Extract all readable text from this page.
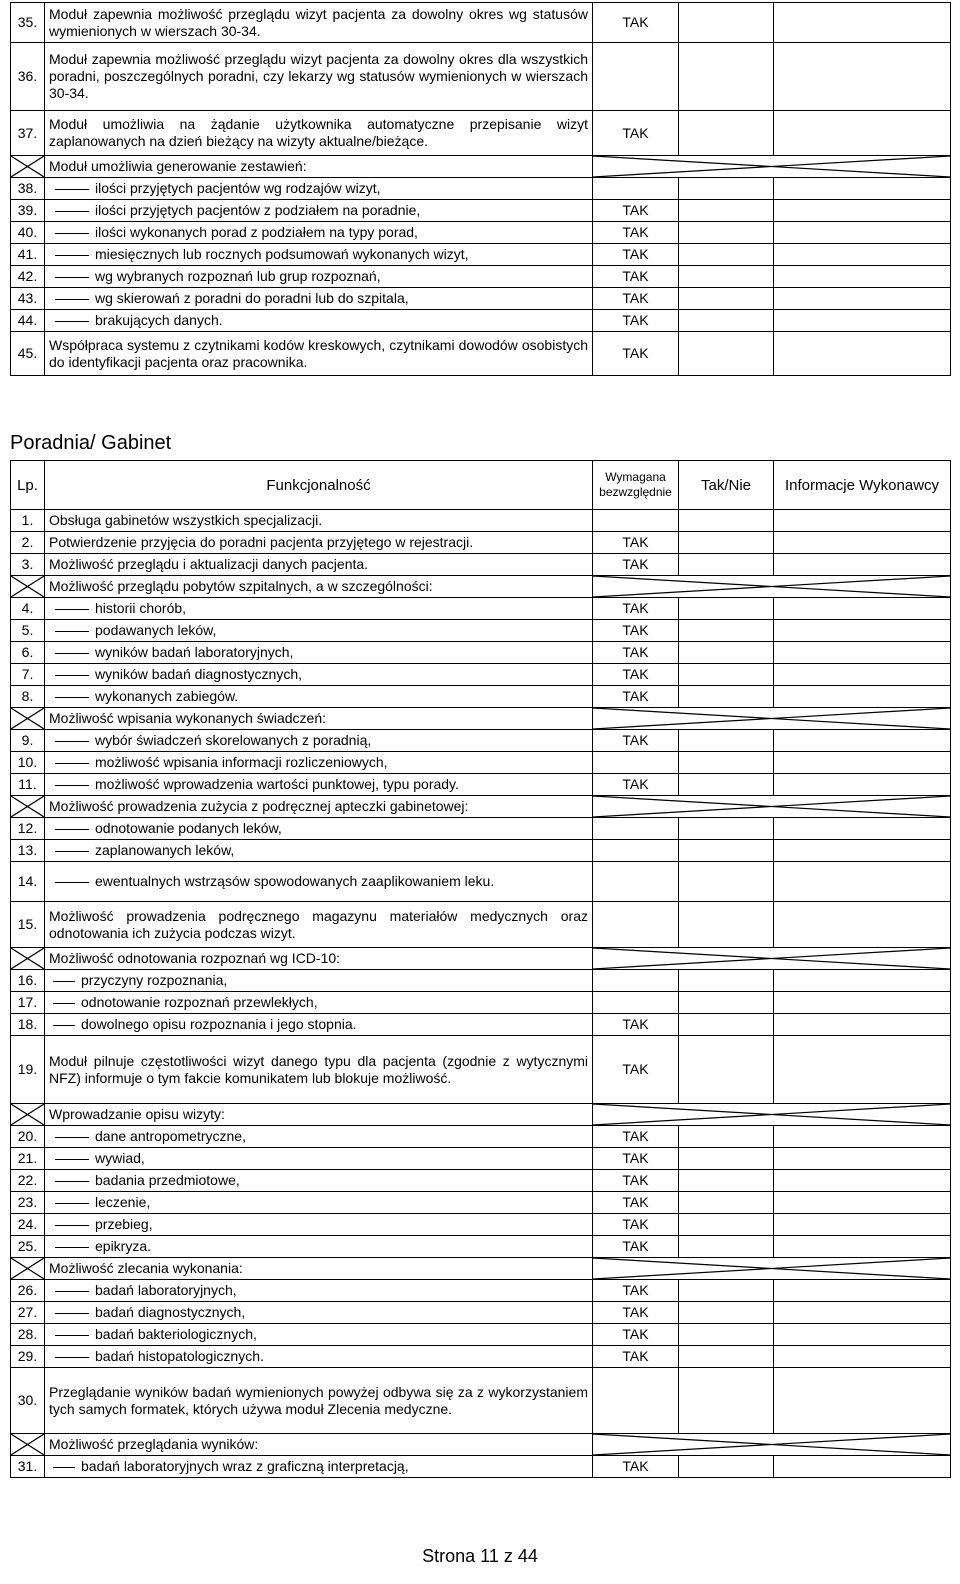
35.	Moduł zapewnia możliwość przeglądu wizyt pacjenta za dowolny okres wg statusów wymienionych w wierszach 30-34.	TAK		
36.	Moduł zapewnia możliwość przeglądu wizyt pacjenta za dowolny okres dla wszystkich poradni, poszczególnych poradni, czy lekarzy wg statusów wymienionych w wierszach 30-34.			
37.	Moduł umożliwia na żądanie użytkownika automatyczne przepisanie wizyt zaplanowanych na dzień bieżący na wizyty aktualne/bieżące.	TAK		

	Moduł umożliwia generowanie zestawień:	

38.	ilości przyjętych pacjentów wg rodzajów wizyt,			
39.	ilości przyjętych pacjentów z podziałem na poradnie,	TAK		
40.	ilości wykonanych porad z podziałem na typy porad,	TAK		
41.	miesięcznych lub rocznych podsumowań wykonanych wizyt,	TAK		
42.	wg wybranych rozpoznań lub grup rozpoznań,	TAK		
43.	wg skierowań z poradni do poradni lub do szpitala,	TAK		
44.	brakujących danych.	TAK		
45.	Współpraca systemu z czytnikami kodów kreskowych, czytnikami dowodów osobistych do identyfikacji pacjenta oraz pracownika.	TAK		
Poradnia/ Gabinet
Lp.	Funkcjonalność	Wymagana bezwzględnie	Tak/Nie	Informacje Wykonawcy
1.	Obsługa gabinetów wszystkich specjalizacji.			
2.	Potwierdzenie przyjęcia do poradni pacjenta przyjętego w rejestracji.	TAK		
3.	Możliwość przeglądu i aktualizacji danych pacjenta.	TAK		

	Możliwość przeglądu pobytów szpitalnych, a w szczególności:	

4.	historii chorób,	TAK		
5.	podawanych leków,	TAK		
6.	wyników badań laboratoryjnych,	TAK		
7.	wyników badań diagnostycznych,	TAK		
8.	wykonanych zabiegów.	TAK		

	Możliwość wpisania wykonanych świadczeń:	

9.	wybór świadczeń skorelowanych z poradnią,	TAK		
10.	możliwość wpisania informacji rozliczeniowych,			
11.	możliwość wprowadzenia wartości punktowej, typu porady.	TAK		

	Możliwość prowadzenia zużycia z podręcznej apteczki gabinetowej:	

12.	odnotowanie podanych leków,			
13.	zaplanowanych leków,			
14.	ewentualnych wstrząsów spowodowanych zaaplikowaniem leku.			
15.	Możliwość prowadzenia podręcznego magazynu materiałów medycznych oraz odnotowania ich zużycia podczas wizyt.			

	Możliwość odnotowania rozpoznań wg ICD-10:	

16.	przyczyny rozpoznania,			
17.	odnotowanie rozpoznań przewlekłych,			
18.	dowolnego opisu rozpoznania i jego stopnia.	TAK		
19.	Moduł pilnuje częstotliwości wizyt danego typu dla pacjenta (zgodnie z wytycznymi NFZ) informuje o tym fakcie komunikatem lub blokuje możliwość.	TAK		

	Wprowadzanie opisu wizyty:	

20.	dane antropometryczne,	TAK		
21.	wywiad,	TAK		
22.	badania przedmiotowe,	TAK		
23.	leczenie,	TAK		
24.	przebieg,	TAK		
25.	epikryza.	TAK		

	Możliwość zlecania wykonania:	

26.	badań laboratoryjnych,	TAK		
27.	badań diagnostycznych,	TAK		
28.	badań bakteriologicznych,	TAK		
29.	badań histopatologicznych.	TAK		
30.	Przeglądanie wyników badań wymienionych powyżej odbywa się za z wykorzystaniem tych samych formatek, których używa moduł Zlecenia medyczne.			

	Możliwość przeglądania wyników:	

31.	badań laboratoryjnych wraz z graficzną interpretacją,	TAK		
Strona 11 z 44
